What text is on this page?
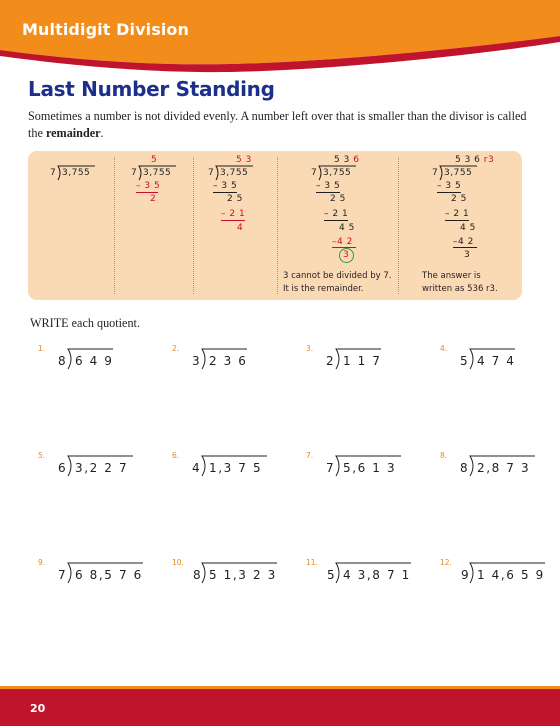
Multidigit Division
Last Number Standing

Sometimes a number is not divided evenly. A number left over that is smaller than the divisor is called the remainder.

7 3,755
5
7 3,755
– 3 5
2
5 3
7 3,755
– 3 5
2 5
– 2 1
4
5 3 6
7 3,755
– 3 5
2 5
– 2 1
4 5
–4 2
3
3 cannot be divided by 7.
It is the remainder.
5 3 6 r3
7 3,755
– 3 5
2 5
– 2 1
4 5
–4 2
3
The answer is
written as 536 r3.

WRITE each quotient.

1.
8 6 4 9
2.
3 2 3 6
3.
2 1 1 7
4.
5 4 7 4
5.
6 3,2 2 7
6.
4 1,3 7 5
7.
7 5,6 1 3
8.
8 2,8 7 3
9.
7 6 8,5 7 6
10.
8 5 1,3 2 3
11.
5 4 3,8 7 1
12.
9 1 4,6 5 9
20
